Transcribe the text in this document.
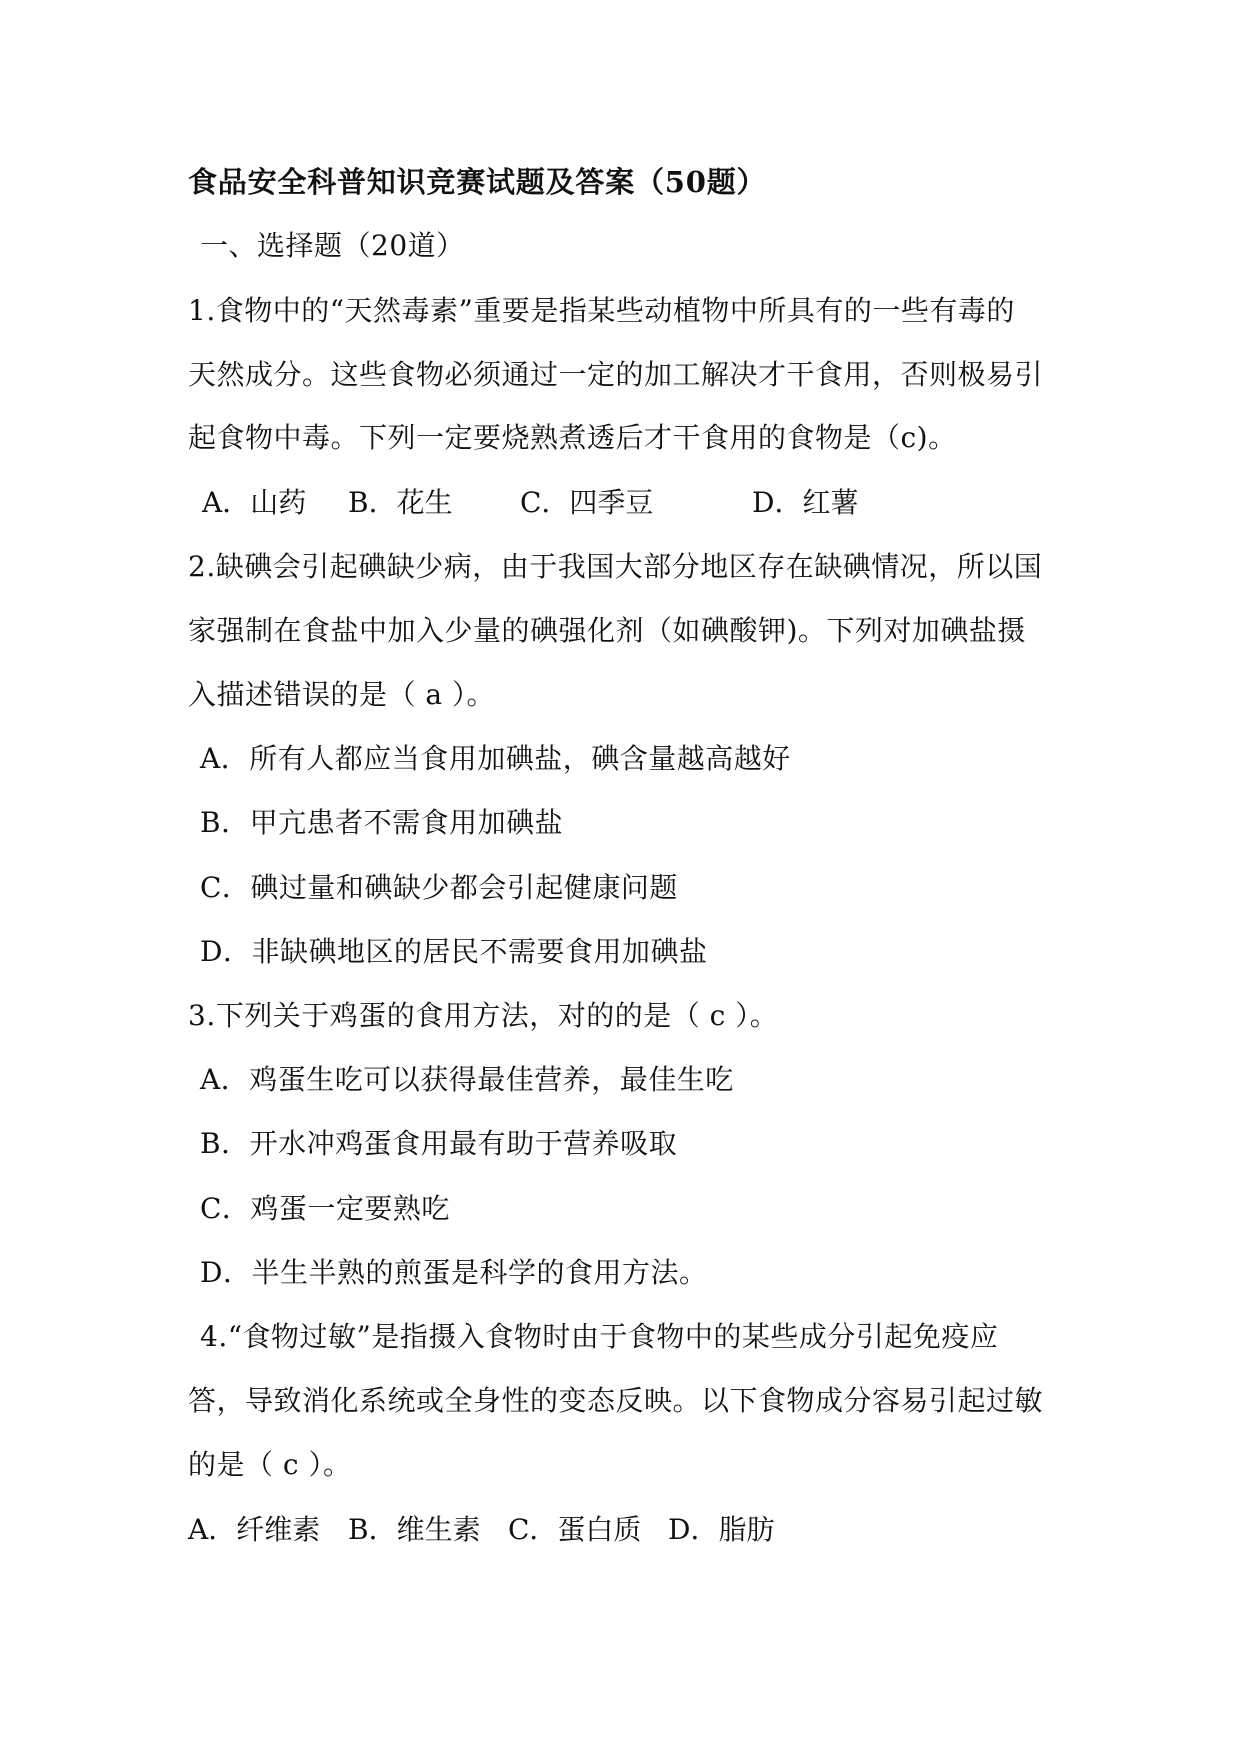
食品安全科普知识竞赛试题及答案（50题）
一、选择题（20道）
1.食物中的“天然毒素”重要是指某些动植物中所具有的一些有毒的
天然成分。这些食物必须通过一定的加工解决才干食用，否则极易引
起食物中毒。下列一定要烧熟煮透后才干食用的食物是（c)。
A．山药 B．花生 C．四季豆	D．红薯
2.缺碘会引起碘缺少病，由于我国大部分地区存在缺碘情况，所以国
家强制在食盐中加入少量的碘强化剂（如碘酸钾)。下列对加碘盐摄
入描述错误的是（ a ）。
A．所有人都应当食用加碘盐，碘含量越高越好
B．甲亢患者不需食用加碘盐
C．碘过量和碘缺少都会引起健康问题
D．非缺碘地区的居民不需要食用加碘盐
3.下列关于鸡蛋的食用方法，对的的是（ c ）。
A．鸡蛋生吃可以获得最佳营养，最佳生吃
B．开水冲鸡蛋食用最有助于营养吸取
C．鸡蛋一定要熟吃
D．半生半熟的煎蛋是科学的食用方法。
4.“食物过敏”是指摄入食物时由于食物中的某些成分引起免疫应
答，导致消化系统或全身性的变态反映。以下食物成分容易引起过敏
的是（ c ）。
A．纤维素 B．维生素 C．蛋白质 D．脂肪
